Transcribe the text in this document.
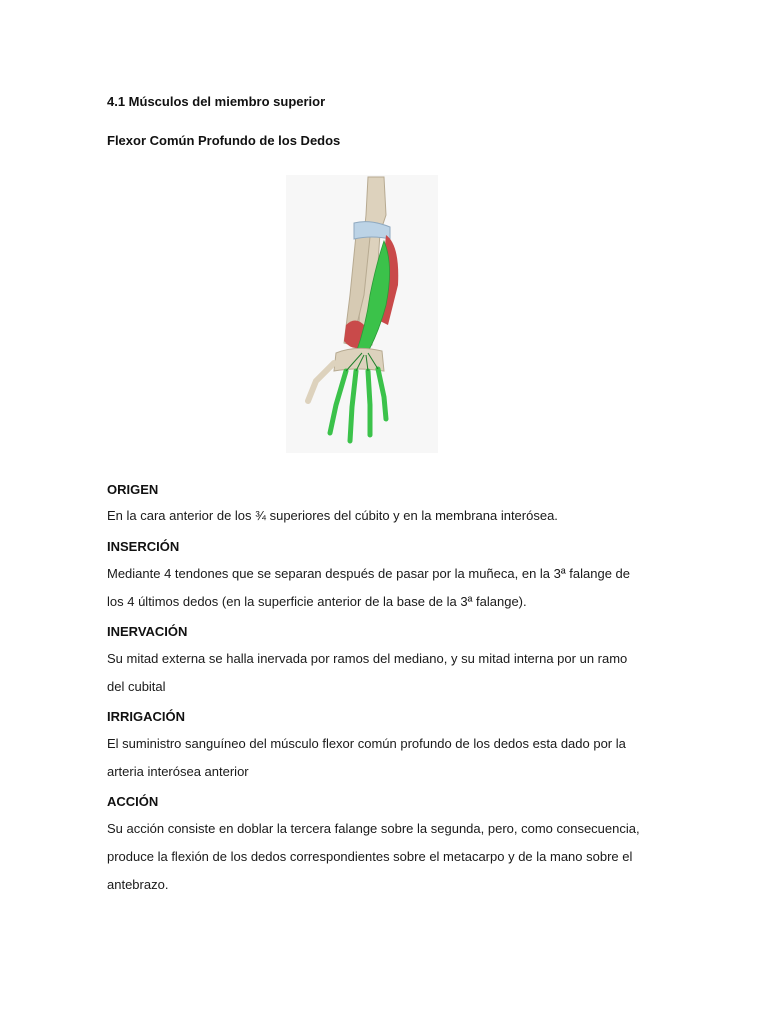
4.1 Músculos del miembro superior
Flexor Común Profundo de los Dedos
ORIGEN
En la cara anterior de los ¾ superiores del cúbito y en la membrana interósea.
INSERCIÓN
Mediante 4 tendones que se separan después de pasar por la muñeca, en la 3ª falange de
los 4 últimos dedos (en la superficie anterior de la base de la 3ª falange).
INERVACIÓN
Su mitad externa se halla inervada por ramos del mediano, y su mitad interna por un ramo
del cubital
IRRIGACIÓN
El suministro sanguíneo del músculo flexor común profundo de los dedos esta dado por la
arteria interósea anterior
ACCIÓN
Su acción consiste en doblar la tercera falange sobre la segunda, pero, como consecuencia,
produce la flexión de los dedos correspondientes sobre el metacarpo y de la mano sobre el
antebrazo.
